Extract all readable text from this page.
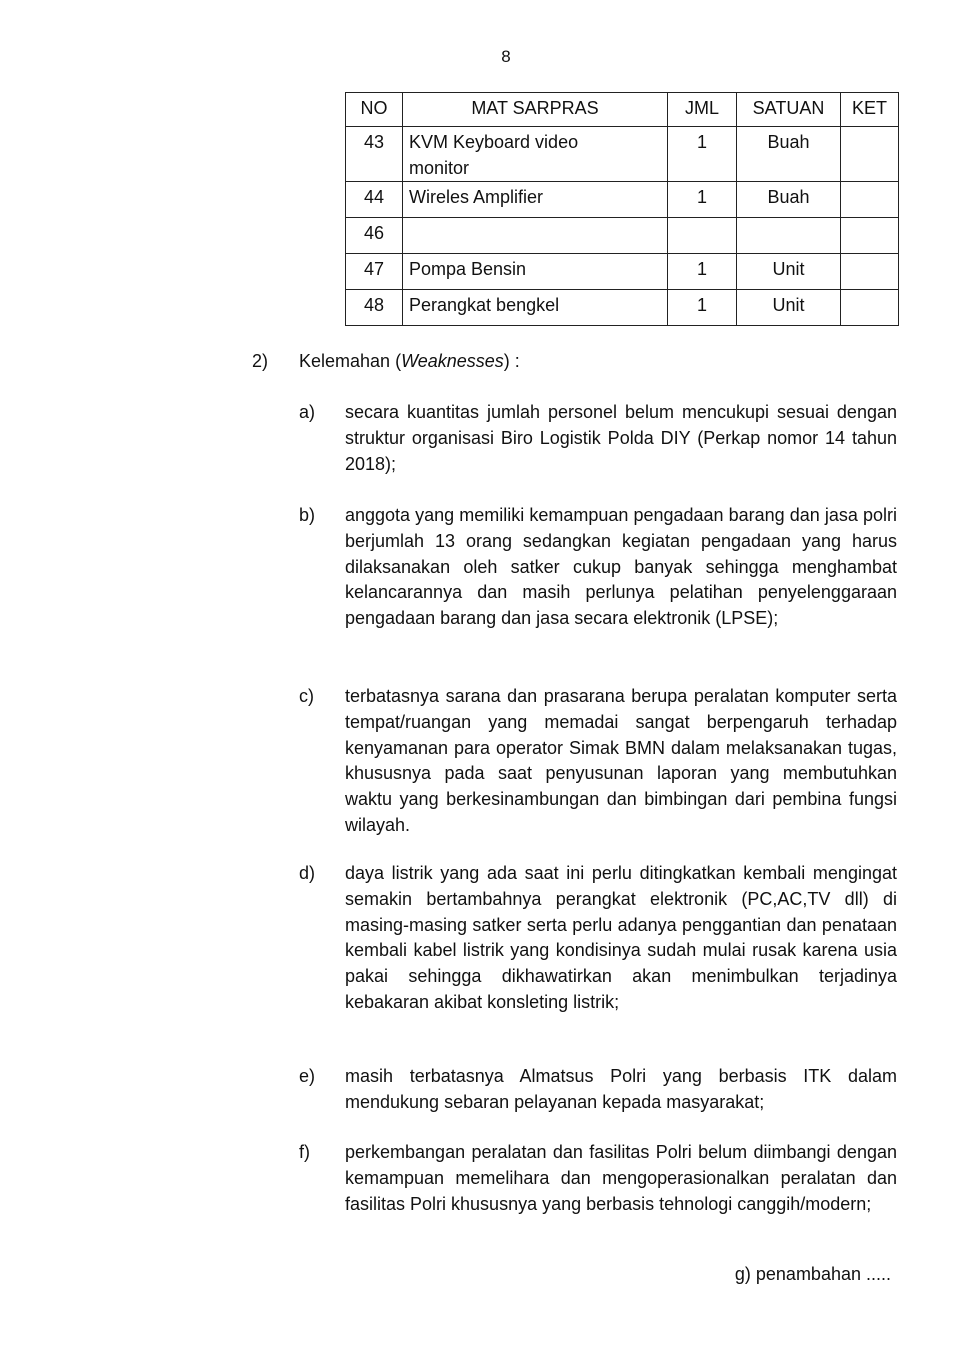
8
NO	MAT SARPRAS	JML	SATUAN	KET
43	KVM Keyboard video monitor	1	Buah	
44	Wireles Amplifier	1	Buah	
46				
47	Pompa Bensin	1	Unit	
48	Perangkat bengkel	1	Unit	
2) Kelemahan (Weaknesses) :
a) secara kuantitas jumlah personel belum mencukupi sesuai dengan struktur organisasi Biro Logistik Polda DIY (Perkap nomor 14 tahun 2018);
b) anggota yang memiliki kemampuan pengadaan barang dan jasa polri berjumlah 13 orang sedangkan kegiatan pengadaan yang harus dilaksanakan oleh satker cukup banyak sehingga menghambat kelancarannya dan masih perlunya pelatihan penyelenggaraan pengadaan barang dan jasa secara elektronik (LPSE);
c) terbatasnya sarana dan prasarana berupa peralatan komputer serta tempat/ruangan yang memadai sangat berpengaruh terhadap kenyamanan para operator Simak BMN dalam melaksanakan tugas, khususnya pada saat penyusunan laporan yang membutuhkan waktu yang berkesinambungan dan bimbingan dari pembina fungsi wilayah.
d) daya listrik yang ada saat ini perlu ditingkatkan kembali mengingat semakin bertambahnya perangkat elektronik (PC,AC,TV dll) di masing-masing satker serta perlu adanya penggantian dan penataan kembali kabel listrik yang kondisinya sudah mulai rusak karena usia pakai sehingga dikhawatirkan akan menimbulkan terjadinya kebakaran akibat konsleting listrik;
e) masih terbatasnya Almatsus Polri yang berbasis ITK dalam mendukung sebaran pelayanan kepada masyarakat;
f) perkembangan peralatan dan fasilitas Polri belum diimbangi dengan kemampuan memelihara dan mengoperasionalkan peralatan dan fasilitas Polri khususnya yang berbasis tehnologi canggih/modern;
g) penambahan .....
